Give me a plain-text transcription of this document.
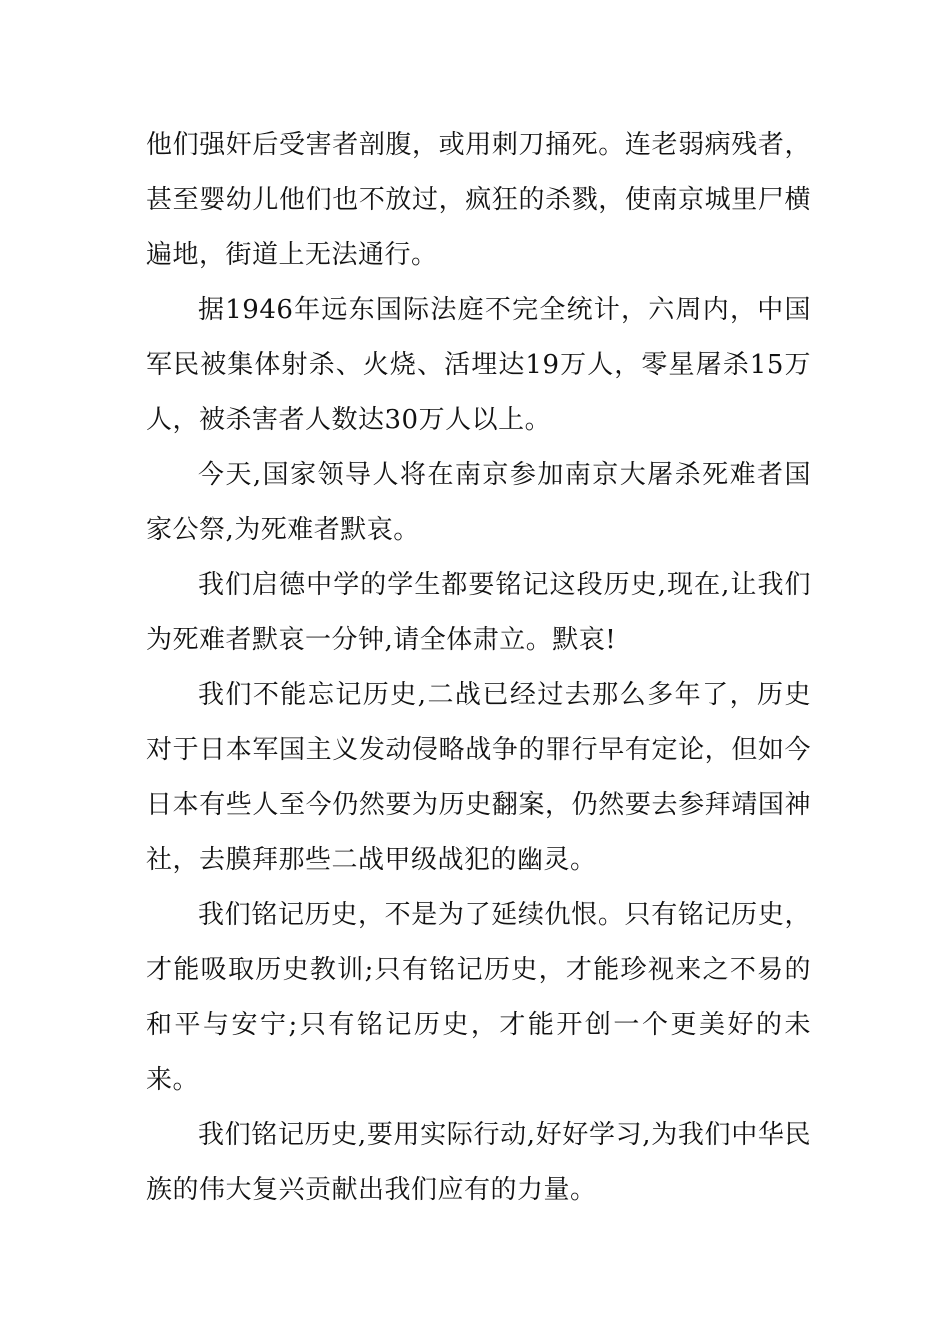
他们强奸后受害者剖腹，或用刺刀捅死。连老弱病残者，甚至婴幼儿他们也不放过，疯狂的杀戮，使南京城里尸横遍地，街道上无法通行。

据1946年远东国际法庭不完全统计，六周内，中国军民被集体射杀、火烧、活埋达19万人，零星屠杀15万人，被杀害者人数达30万人以上。

今天,国家领导人将在南京参加南京大屠杀死难者国家公祭,为死难者默哀。

我们启德中学的学生都要铭记这段历史,现在,让我们为死难者默哀一分钟,请全体肃立。默哀!

我们不能忘记历史,二战已经过去那么多年了，历史对于日本军国主义发动侵略战争的罪行早有定论，但如今日本有些人至今仍然要为历史翻案，仍然要去参拜靖国神社，去膜拜那些二战甲级战犯的幽灵。

我们铭记历史，不是为了延续仇恨。只有铭记历史，才能吸取历史教训;只有铭记历史，才能珍视来之不易的和平与安宁;只有铭记历史，才能开创一个更美好的未来。

我们铭记历史,要用实际行动,好好学习,为我们中华民族的伟大复兴贡献出我们应有的力量。
